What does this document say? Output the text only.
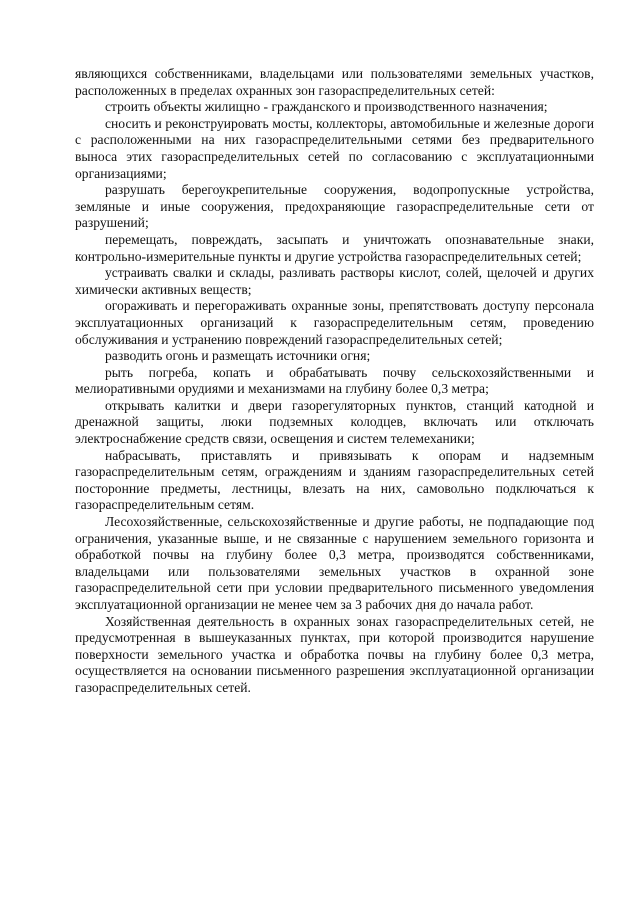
являющихся собственниками, владельцами или пользователями земельных участков, расположенных в пределах охранных зон газораспределительных сетей:

строить объекты жилищно - гражданского и производственного назначения;

сносить и реконструировать мосты, коллекторы, автомобильные и железные дороги с расположенными на них газораспределительными сетями без предварительного выноса этих газораспределительных сетей по согласованию с эксплуатационными организациями;

разрушать берегоукрепительные сооружения, водопропускные устройства, земляные и иные сооружения, предохраняющие газораспределительные сети от разрушений;

перемещать, повреждать, засыпать и уничтожать опознавательные знаки, контрольно-измерительные пункты и другие устройства газораспределительных сетей;

устраивать свалки и склады, разливать растворы кислот, солей, щелочей и других химически активных веществ;

огораживать и перегораживать охранные зоны, препятствовать доступу персонала эксплуатационных организаций к газораспределительным сетям, проведению обслуживания и устранению повреждений газораспределительных сетей;

разводить огонь и размещать источники огня;

рыть погреба, копать и обрабатывать почву сельскохозяйственными и мелиоративными орудиями и механизмами на глубину более 0,3 метра;

открывать калитки и двери газорегуляторных пунктов, станций катодной и дренажной защиты, люки подземных колодцев, включать или отключать электроснабжение средств связи, освещения и систем телемеханики;

набрасывать, приставлять и привязывать к опорам и надземным газораспределительным сетям, ограждениям и зданиям газораспределительных сетей посторонние предметы, лестницы, влезать на них, самовольно подключаться к газораспределительным сетям.

Лесохозяйственные, сельскохозяйственные и другие работы, не подпадающие под ограничения, указанные выше, и не связанные с нарушением земельного горизонта и обработкой почвы на глубину более 0,3 метра, производятся собственниками, владельцами или пользователями земельных участков в охранной зоне газораспределительной сети при условии предварительного письменного уведомления эксплуатационной организации не менее чем за 3 рабочих дня до начала работ.

Хозяйственная деятельность в охранных зонах газораспределительных сетей, не предусмотренная в вышеуказанных пунктах, при которой производится нарушение поверхности земельного участка и обработка почвы на глубину более 0,3 метра, осуществляется на основании письменного разрешения эксплуатационной организации газораспределительных сетей.
